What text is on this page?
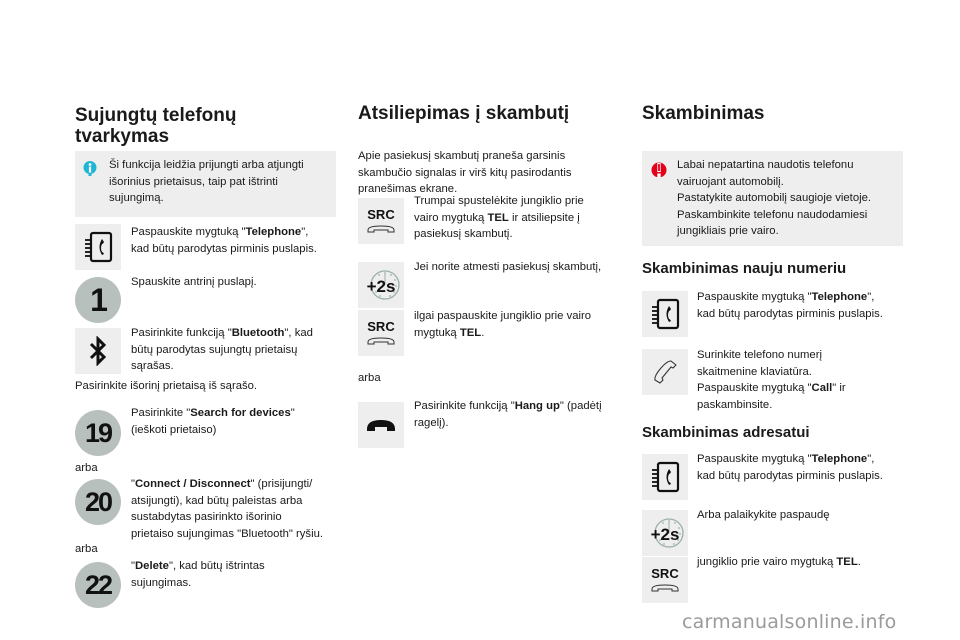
Sujungtų telefonų
tvarkymas
Ši funkcija leidžia prijungti arba atjungti
išorinius prietaisus, taip pat ištrinti
sujungimą.
Paspauskite mygtuką "Telephone",
kad būtų parodytas pirminis puslapis.
1 Spauskite antrinį puslapį.
Pasirinkite funkciją "Bluetooth", kad
būtų parodytas sujungtų prietaisų
sąrašas.
Pasirinkite išorinį prietaisą iš sąrašo.
19
Pasirinkite "Search for devices"
(ieškoti prietaiso)
arba
20
"Connect / Disconnect" (prisijungti/
atsijungti), kad būtų paleistas arba
sustabdytas pasirinkto išorinio
prietaiso sujungimas "Bluetooth" ryšiu.
arba
22
"Delete", kad būtų ištrintas
sujungimas.
Atsiliepimas į skambutį
Apie pasiekusį skambutį praneša garsinis
skambučio signalas ir virš kitų pasirodantis
pranešimas ekrane.
SRC
Trumpai spustelėkite jungiklio prie
vairo mygtuką TEL ir atsiliepsite į
pasiekusį skambutį.
+2s
Jei norite atmesti pasiekusį skambutį,
SRC
ilgai paspauskite jungiklio prie vairo
mygtuką TEL.
arba
Pasirinkite funkciją "Hang up" (padėtį
ragelį).
Skambinimas
Labai nepatartina naudotis telefonu
vairuojant automobilį.
Pastatykite automobilį saugioje vietoje.
Paskambinkite telefonu naudodamiesi
jungikliais prie vairo.
Skambinimas nauju numeriu
Paspauskite mygtuką "Telephone",
kad būtų parodytas pirminis puslapis.
Surinkite telefono numerį
skaitmenine klaviatūra.
Paspauskite mygtuką "Call" ir
paskambinsite.
Skambinimas adresatui
Paspauskite mygtuką "Telephone",
kad būtų parodytas pirminis puslapis.
+2s
Arba palaikykite paspaudę
SRC
jungiklio prie vairo mygtuką TEL.
carmanualsonline.info
